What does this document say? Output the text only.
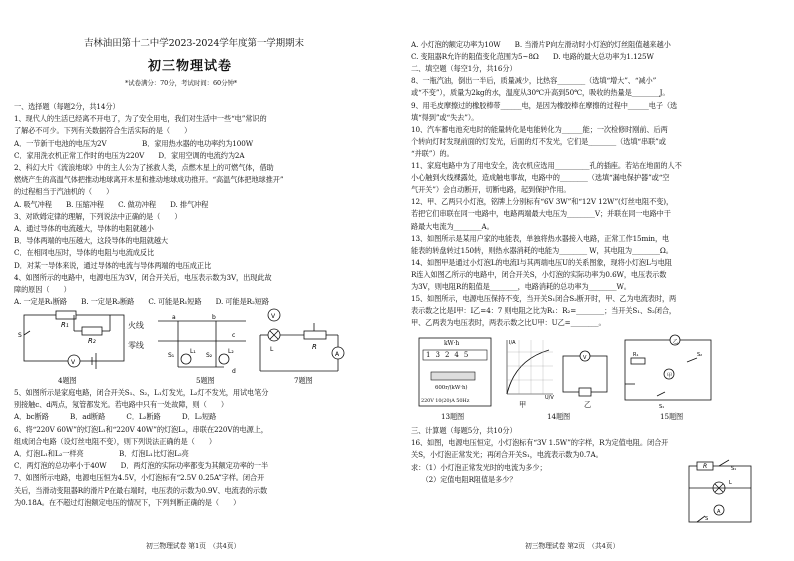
吉林油田第十二中学2023-2024学年度第一学期期末
初三物理试卷
*试卷满分：70分，考试时间：60分钟*
一、选择题（每题2分，共14分）
1、现代人的生活已经离不开电了，为了安全用电，我们对生活中一些“电”常识的
了解必不可少。下列有关数据符合生活实际的是（　　）
A．一节新干电池的电压为2V　　　　　B．家用热水器的电功率约为100W
C．家用洗衣机正常工作时的电压为220V　　D．家用空调的电流约为2A
2、科幻大片《流浪地球》中的主人公为了拯救人类，点燃木星上的可燃气体，借助
燃烧产生的高温气体把推动地球离开木星和推动地球成功推开。“高温气体把地球推开”
的过程相当于汽油机的（　　）
A. 吸气冲程　　B. 压缩冲程　　C. 做功冲程　　D. 排气冲程
3、对欧姆定律的理解，下列说法中正确的是（　　）
A．通过导体的电流越大，导体的电阻就越小
B．导体两端的电压越大，这段导体的电阻就越大
C．在相同电压时，导体的电阻与电流成反比
D．对某一导体来说，通过导体的电流与导体两端的电压成正比
4、如图所示的电路中，电源电压为3V，闭合开关后，电压表示数为3V，出现此故
障的原因（　　）
A. 一定是R₁断路　　B. 一定是R₂断路　　C. 可能是R₁短路　　D. 可能是R₂短路
R₁
R₂
V
S
4题图
a	b
c
d
S₁	S₂
L₁	L₂
火线
零线
5题图
V
L	R
A
7题图
5、如图所示是家庭电路，闭合开关S₁、S₂，L₁灯发光，L₂灯不发光，用试电笔分
别接触c、d两点，氖管都发光。若电路中只有一处故障，则（　　）
A．bc断路　　　B．ad断路　　　C．L₂断路　　　D．L₂短路
6、将“220V 60W”的灯泡L₁和“220V 40W”的灯泡L₂，串联在220V的电源上，
组成闭合电路（设灯丝电阻不变），则下列说法正确的是（　　）
A．灯泡L₁和L₂一样亮　　　　　B．灯泡L₁比灯泡L₂亮
C．两灯泡的总功率小于40W　　D．两灯泡的实际功率都变为其额定功率的一半
7、如图所示电路，电源电压恒为4.5V，小灯泡标有“2.5V 0.25A”字样。闭合开
关后，当滑动变阻器R的滑片P在最右端时，电压表的示数为0.9V、电流表的示数
为0.18A。在不超过灯泡额定电压的情况下，下列判断正确的是（　　）
初三物理试卷 第1页　（共4页）
A. 小灯泡的额定功率为10W　　B. 当滑片P向左滑动时小灯泡的灯丝阻值越来越小
C. 变阻器R允许的阻值变化范围为5~8Ω　　D. 电路的最大总功率为1.125W
二、填空题（每空1分，共16分）
8、一瓶汽油，倒出一半后，质量减少，比热容________（选填“增大”、“减小”
或“不变”），质量为2kg的水，温度从30℃升高到50℃，吸收的热量是________J。
9、用毛皮摩擦过的橡胶棒带______电，是因为橡胶棒在摩擦的过程中______电子（选
填“得到”或“失去”）。
10、汽车蓄电池充电时的能量转化是电能转化为______能；一次检修时刚前、后两
个转向灯时发现前面的灯发光，后面的灯不发光，它们是________（选填“串联”或
“并联”）的。
11、家庭电路中为了用电安全，洗衣机应选用__________孔的插座。若站在地面的人不
小心触到火线裸露处，造成触电事故，电路中的________（选填“漏电保护器”或“空
气开关”）会自动断开，切断电路，起到保护作用。
12、甲、乙两只小灯泡，铭牌上分别标有“6V 3W”和“12V 12W”(灯丝电阻不变)，
若把它们串联在同一电路中，电路两端最大电压为________V；并联在同一电路中干
路最大电流为________A。
13、如图所示是某用户家的电能表，单独将热水器接入电路，正常工作15min，电
能表的转盘转过150转，则热水器消耗的电能为________ W，其电阻为________Ω。
14、如图甲是通过小灯泡L的电流I与其两端电压U的关系图象，现将小灯泡L与电阻
R连入如图乙所示的电路中，闭合开关S，小灯泡的实际功率为0.6W，电压表示数
为3V，则电阻R的阻值是________，电路消耗的总功率为________W。
15、如图所示，电源电压保持不变，当开关S₁闭合S₂断开时，甲、乙为电流表时，两
表示数之比是I甲：I乙=4：7 则电阻之比为R₁：R₂=________；当开关S₁、S₂闭合，
甲、乙两表为电压表时，两表示数之比U甲：U乙=________。
kW·h
13245
600r/(kW·h)
220V 10(20)A 50Hz
13题图
I/A
U/V
甲
V
乙
14题图
乙
甲
R₁	S₂
S₁
15题图
三、计算题（每题5分，共10分）
16、如图，电源电压恒定，小灯泡标有“3V 1.5W”的字样，R为定值电阻。闭合开
关S，小灯泡正常发光；再闭合开关S₁，电流表示数为0.7A。
求：（1）小灯泡正常发光时的电流为多少；
　　（2）定值电阻R阻值是多少？
R	S₁
L
A
S
初三物理试卷 第2页　（共4页）
